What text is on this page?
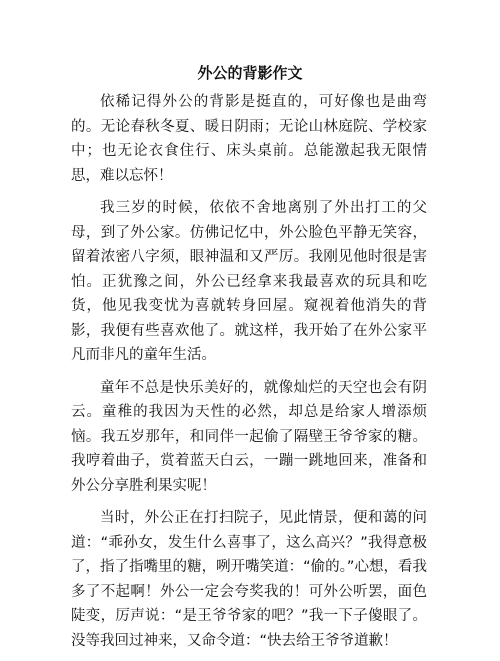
外公的背影作文

依稀记得外公的背影是挺直的，可好像也是曲弯的。无论春秋冬夏、暖日阴雨；无论山林庭院、学校家中；也无论衣食住行、床头桌前。总能激起我无限情思，难以忘怀！

我三岁的时候，依依不舍地离别了外出打工的父母，到了外公家。仿佛记忆中，外公脸色平静无笑容，留着浓密八字须，眼神温和又严厉。我刚见他时很是害怕。正犹豫之间，外公已经拿来我最喜欢的玩具和吃货，他见我变忧为喜就转身回屋。窥视着他消失的背影，我便有些喜欢他了。就这样，我开始了在外公家平凡而非凡的童年生活。

童年不总是快乐美好的，就像灿烂的天空也会有阴云。童稚的我因为天性的必然，却总是给家人增添烦恼。我五岁那年，和同伴一起偷了隔壁王爷爷家的糖。我哼着曲子，赏着蓝天白云，一蹦一跳地回来，准备和外公分享胜利果实呢！

当时，外公正在打扫院子，见此情景，便和蔼的问道：“乖孙女，发生什么喜事了，这么高兴？”我得意极了，指了指嘴里的糖，咧开嘴笑道：“偷的。”心想，看我多了不起啊！外公一定会夸奖我的！可外公听罢，面色陡变，厉声说：“是王爷爷家的吧？”我一下子傻眼了。没等我回过神来，又命令道：“快去给王爷爷道歉！
